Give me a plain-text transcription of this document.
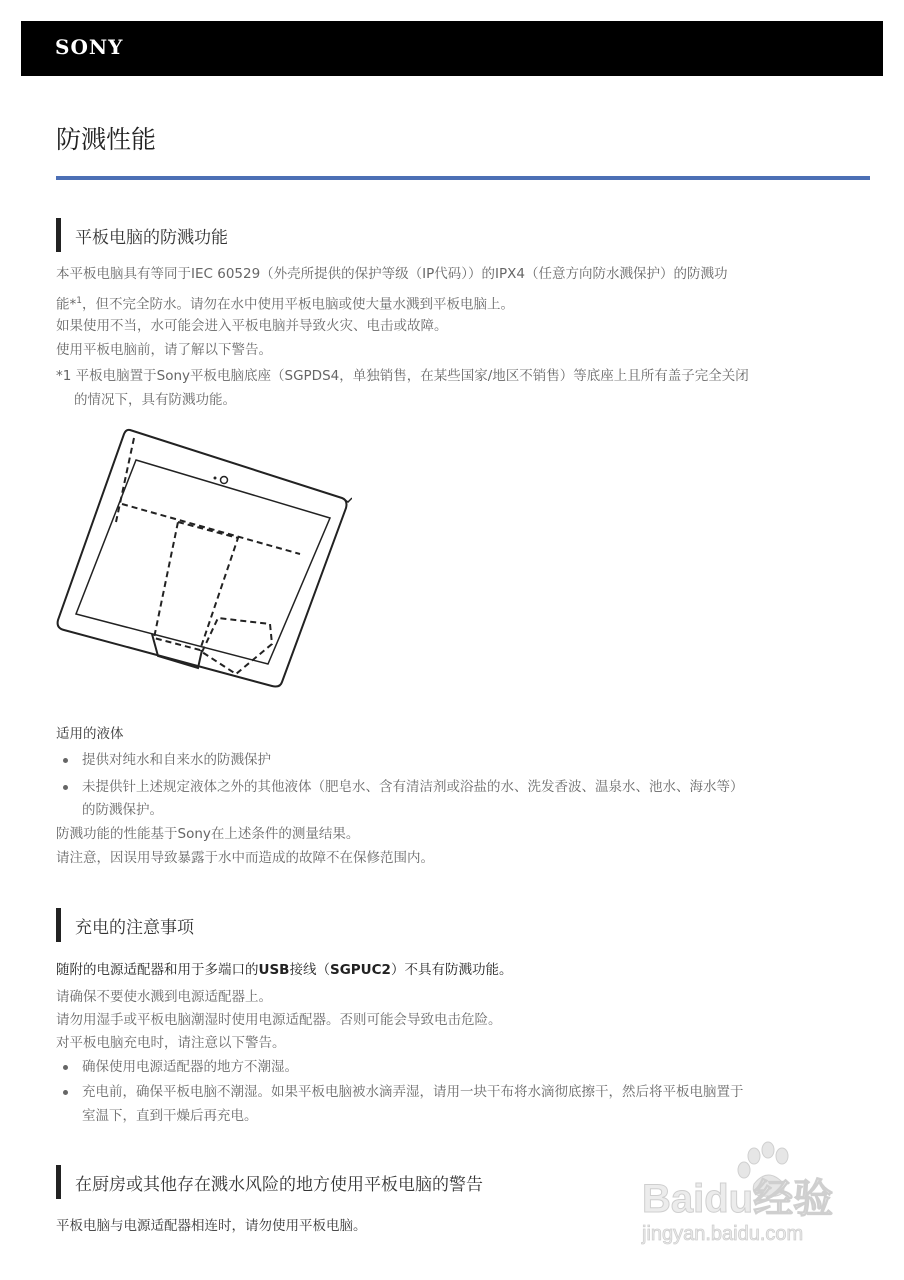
SONY
防溅性能
平板电脑的防溅功能

本平板电脑具有等同于IEC 60529（外壳所提供的保护等级（IP代码））的IPX4（任意方向防水溅保护）的防溅功

能*$^1$，但不完全防水。请勿在水中使用平板电脑或使大量水溅到平板电脑上。

如果使用不当，水可能会进入平板电脑并导致火灾、电击或故障。

使用平板电脑前，请了解以下警告。

*1 平板电脑置于Sony平板电脑底座（SGPDS4，单独销售，在某些国家/地区不销售）等底座上且所有盖子完全关闭

的情况下，具有防溅功能。

适用的液体

提供对纯水和自来水的防溅保护
未提供针上述规定液体之外的其他液体（肥皂水、含有清洁剂或浴盐的水、洗发香波、温泉水、池水、海水等）
的防溅保护。

防溅功能的性能基于Sony在上述条件的测量结果。

请注意，因误用导致暴露于水中而造成的故障不在保修范围内。

充电的注意事项

随附的电源适配器和用于多端口的USB接线（SGPUC2）不具有防溅功能。

请确保不要使水溅到电源适配器上。

请勿用湿手或平板电脑潮湿时使用电源适配器。否则可能会导致电击危险。

对平板电脑充电时，请注意以下警告。

确保使用电源适配器的地方不潮湿。
充电前，确保平板电脑不潮湿。如果平板电脑被水滴弄湿，请用一块干布将水滴彻底擦干，然后将平板电脑置于
室温下，直到干燥后再充电。
在厨房或其他存在溅水风险的地方使用平板电脑的警告

平板电脑与电源适配器相连时，请勿使用平板电脑。

Baidu经验
jingyan.baidu.com
